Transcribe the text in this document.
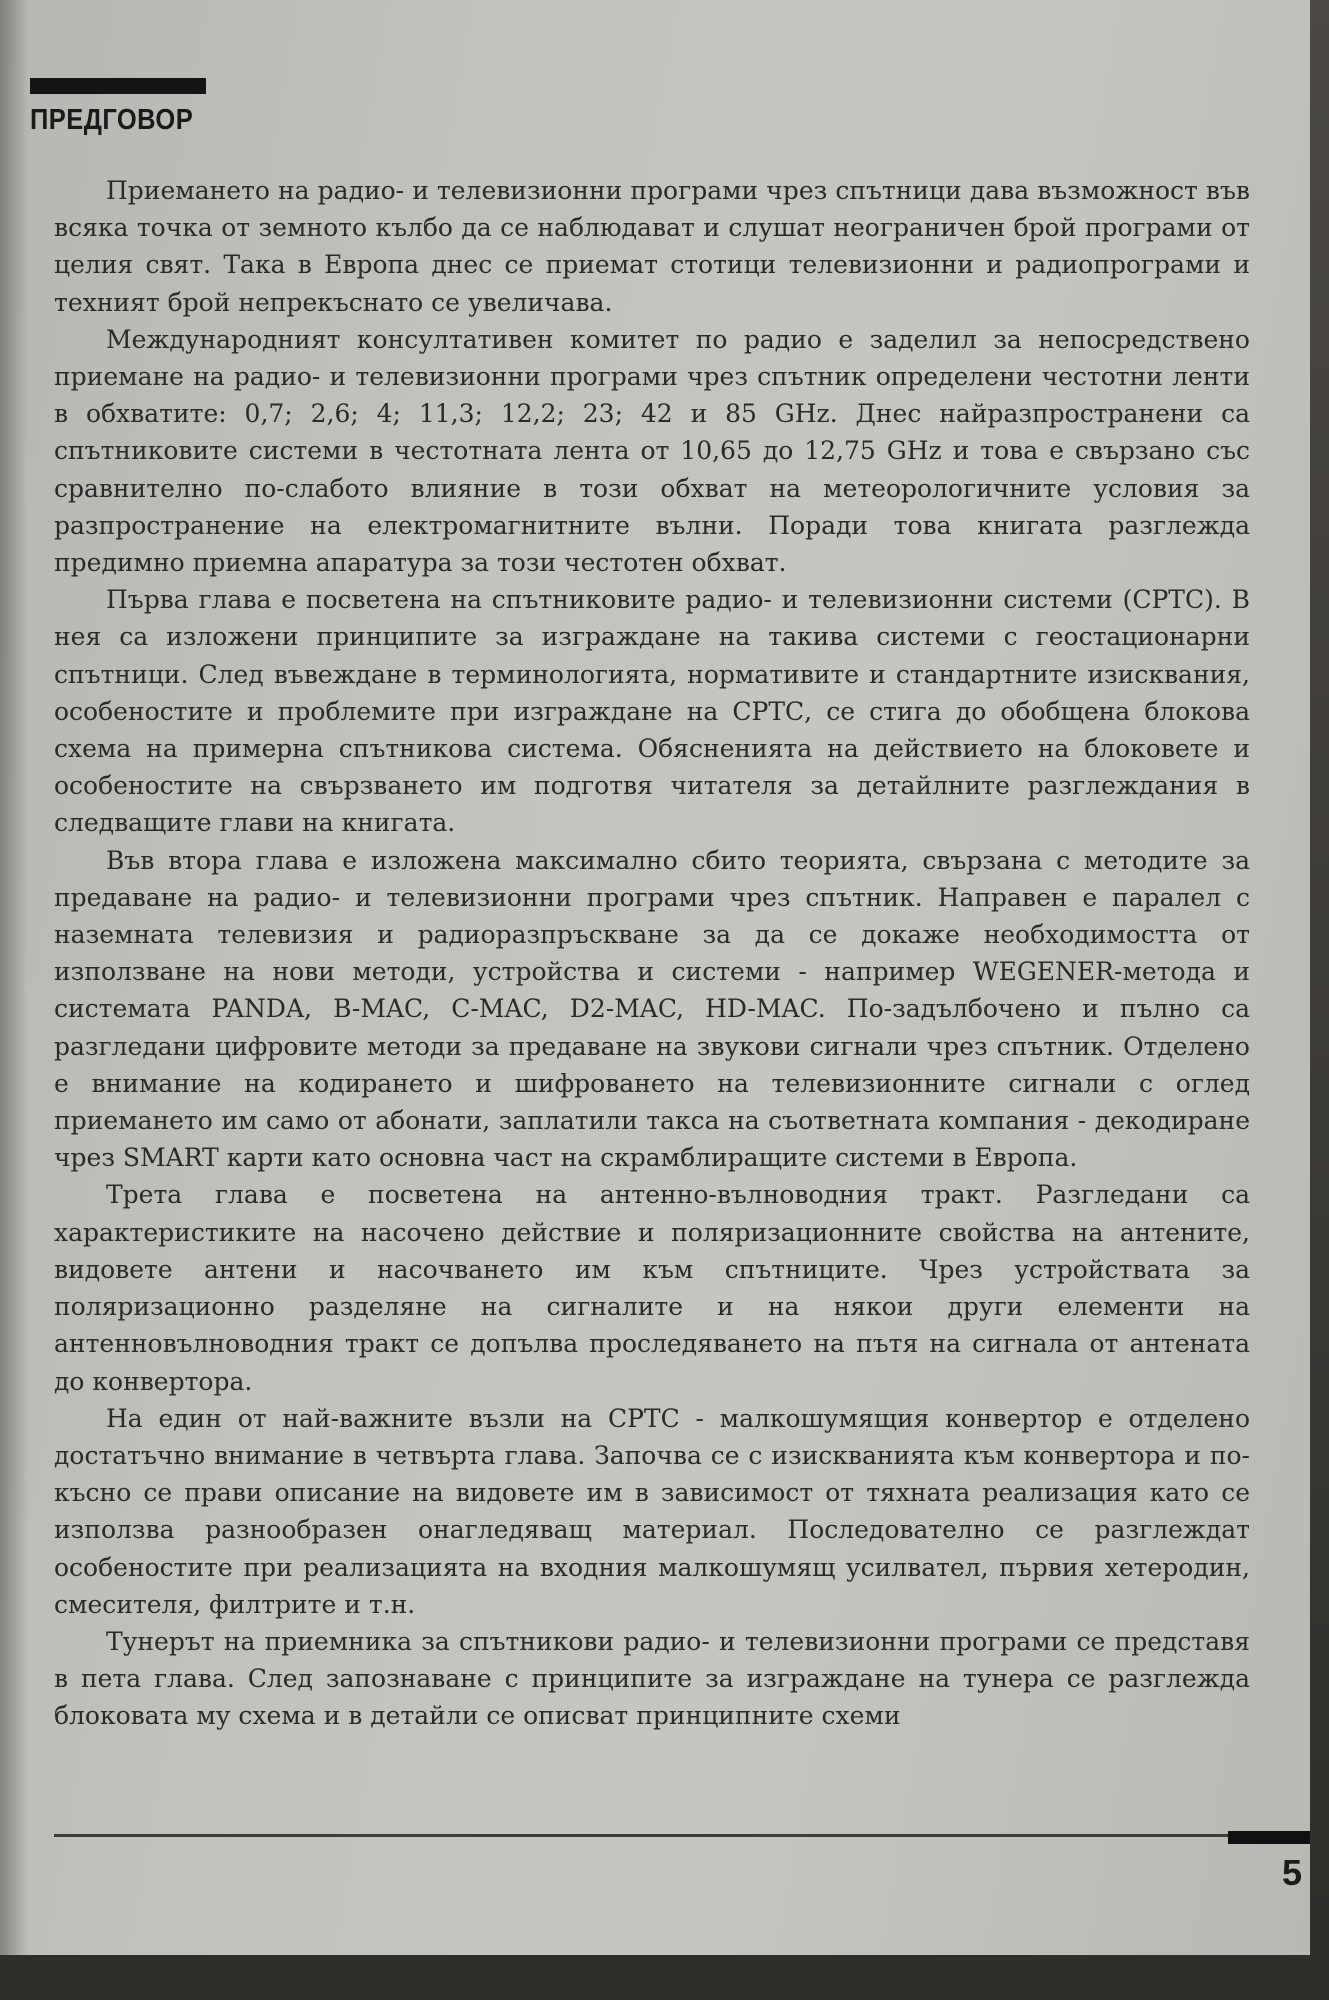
ПРЕДГОВОР

Приемането на радио- и телевизионни програми чрез спътници дава възможност във всяка точка от земното кълбо да се наблюдават и слушат неограничен брой програми от целия свят. Така в Европа днес се приемат стотици телевизионни и радиопрограми и техният брой непрекъснато се увеличава.

Международният консултативен комитет по радио е заделил за непосредствено приемане на радио- и телевизионни програми чрез спътник определени честотни ленти в обхватите: 0,7; 2,6; 4; 11,3; 12,2; 23; 42 и 85 GHz. Днес найразпространени са спътниковите системи в честотната лента от 10,65 до 12,75 GHz и това е свързано със сравнително по-слабото влияние в този обхват на метеорологичните условия за разпространение на електромагнитните вълни. Поради това книгата разглежда предимно приемна апаратура за този честотен обхват.

Първа глава е посветена на спътниковите радио- и телевизионни системи (СРТС). В нея са изложени принципите за изграждане на такива системи с геостационарни спътници. След въвеждане в терминологията, нормативите и стандартните изисквания, особеностите и проблемите при изграждане на СРТС, се стига до обобщена блокова схема на примерна спътникова система. Обясненията на действието на блоковете и особеностите на свързването им подготвя читателя за детайлните разглеждания в следващите глави на книгата.

Във втора глава е изложена максимално сбито теорията, свързана с методите за предаване на радио- и телевизионни програми чрез спътник. Направен е паралел с наземната телевизия и радиоразпръскване за да се докаже необходимостта от използване на нови методи, устройства и системи - например WEGENER-метода и системата PANDA, B-MAC, C-MAC, D2-MAC, HD-MAC. По-задълбочено и пълно са разгледани цифровите методи за предаване на звукови сигнали чрез спътник. Отделено е внимание на кодирането и шифроването на телевизионните сигнали с оглед приемането им само от абонати, заплатили такса на съответната компания - декодиране чрез SMART карти като основна част на скрамблиращите системи в Европа.

Трета глава е посветена на антенно-вълноводния тракт. Разгледани са характеристиките на насочено действие и поляризационните свойства на антените, видовете антени и насочването им към спътниците. Чрез устройствата за поляризационно разделяне на сигналите и на някои други елементи на антенновълноводния тракт се допълва проследяването на пътя на сигнала от антената до конвертора.

На един от най-важните възли на СРТС - малкошумящия конвертор е отделено достатъчно внимание в четвърта глава. Започва се с изискванията към конвертора и по-късно се прави описание на видовете им в зависимост от тяхната реализация като се използва разнообразен онагледяващ материал. Последователно се разглеждат особеностите при реализацията на входния малкошумящ усилвател, първия хетеродин, смесителя, филтрите и т.н.

Тунерът на приемника за спътникови радио- и телевизионни програми се представя в пета глава. След запознаване с принципите за изграждане на тунера се разглежда блоковата му схема и в детайли се описват принципните схеми

5
